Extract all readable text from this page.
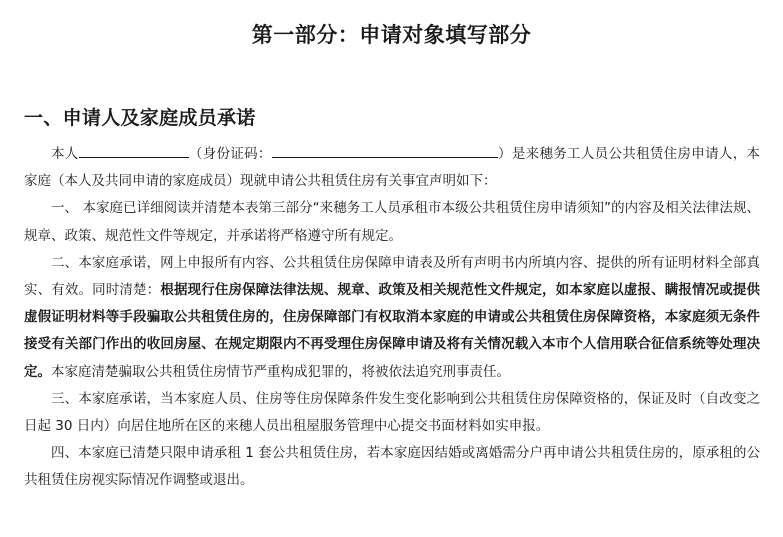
第一部分：申请对象填写部分
一、申请人及家庭成员承诺

本人	（身份证码：	）是来穗务工人员公共租赁住房申请人，本家庭（本人及共同申请的家庭成员）现就申请公共租赁住房有关事宜声明如下：

一、 本家庭已详细阅读并清楚本表第三部分“来穗务工人员承租市本级公共租赁住房申请须知”的内容及相关法律法规、规章、政策、规范性文件等规定，并承诺将严格遵守所有规定。

二、本家庭承诺，网上申报所有内容、公共租赁住房保障申请表及所有声明书内所填内容、提供的所有证明材料全部真实、有效。同时清楚：根据现行住房保障法律法规、规章、政策及相关规范性文件规定，如本家庭以虚报、瞒报情况或提供虚假证明材料等手段骗取公共租赁住房的，住房保障部门有权取消本家庭的申请或公共租赁住房保障资格，本家庭须无条件接受有关部门作出的收回房屋、在规定期限内不再受理住房保障申请及将有关情况载入本市个人信用联合征信系统等处理决定。本家庭清楚骗取公共租赁住房情节严重构成犯罪的，将被依法追究刑事责任。

三、本家庭承诺，当本家庭人员、住房等住房保障条件发生变化影响到公共租赁住房保障资格的，保证及时（自改变之日起 30 日内）向居住地所在区的来穗人员出租屋服务管理中心提交书面材料如实申报。

四、本家庭已清楚只限申请承租 1 套公共租赁住房，若本家庭因结婚或离婚需分户再申请公共租赁住房的，原承租的公共租赁住房视实际情况作调整或退出。
